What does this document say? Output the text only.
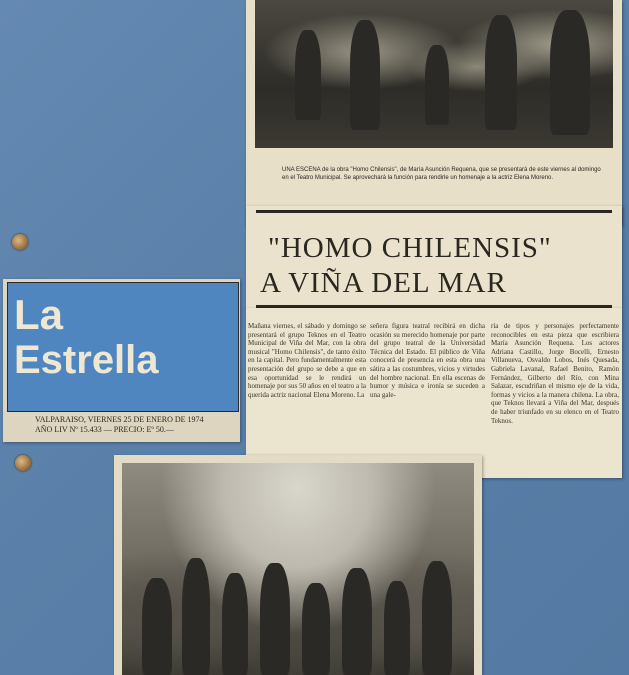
UNA ESCENA de la obra "Homo Chilensis", de María Asunción Requena, que se presentará de este viernes al domingo en el Teatro Municipal. Se aprovechará la función para rendirle un homenaje a la actriz Elena Moreno.
"HOMO CHILENSIS"
A VIÑA DEL MAR
Mañana viernes, el sábado y domingo se presentará el grupo Teknos en el Teatro Municipal de Viña del Mar, con la obra musical "Homo Chilensis", de tanto éxito en la capital. Pero fundamentalmente esta presentación del grupo se debe a que en esa oportunidad se le rendirá un homenaje por sus 50 años en el teatro a la querida actriz nacional Elena Moreno. La
señera figura teatral recibirá en dicha ocasión su merecido homenaje por parte del grupo teatral de la Universidad Técnica del Estado. El público de Viña conocerá de presencia en esta obra una sátira a las costumbres, vicios y virtudes del hombre nacional. En ella escenas de humor y música e ironía se suceden a una gale-
ría de tipos y personajes perfectamente reconocibles en esta pieza que escribiera María Asunción Requena. Los actores Adriana Castillo, Jorge Bocelli, Ernesto Villanueva, Osvaldo Lobos, Inés Quesada, Gabriela Lavanal, Rafael Benito, Ramón Fernández, Gilberto del Río, con Mina Salazar, escudriñan el mismo eje de la vida, formas y vicios a la manera chilena. La obra, que Teknos llevará a Viña del Mar, después de haber triunfado en su elenco en el Teatro Teknos.
La
Estrella
VALPARAISO, VIERNES 25 DE ENERO DE 1974
AÑO LIV Nº 15.433 — PRECIO: Eº 50.—
